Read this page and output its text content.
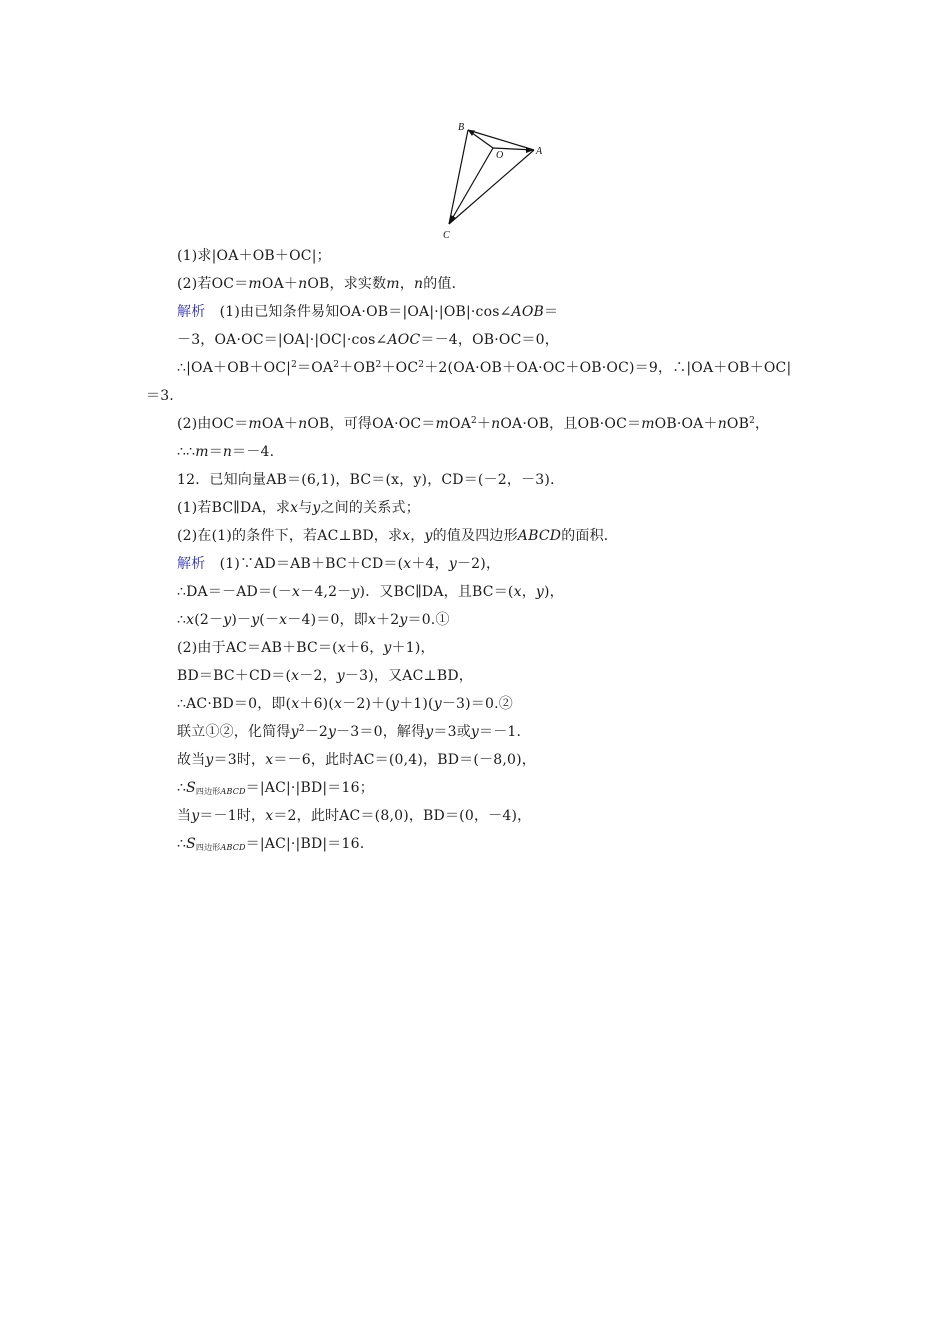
B
O	A
C
(1)求|OA＋OB＋OC|；
(2)若OC＝mOA＋nOB，求实数m，n的值．
解析　(1)由已知条件易知OA·OB＝|OA|·|OB|·cos∠AOB＝
－3，OA·OC＝|OA|·|OC|·cos∠AOC＝－4，OB·OC＝0，
$\therefore|OA+OB+OC|^2=OA^2+OB^2+OC^2+2(OA\cdot OB+OA\cdot OC+OB\cdot OC)=9$，∴|OA＋OB＋OC|
＝3.
(2)由OC＝mOA＋nOB，可得OA·OC＝mOA$^2$＋nOA·OB，且OB·OC＝mOB·OA＋nOB$^2$，
∴∴m＝n＝－4.
12．已知向量AB＝(6,1)，BC＝(x，y)，CD＝(－2，－3)．
(1)若BC∥DA，求x与y之间的关系式；
(2)在(1)的条件下，若AC⊥BD，求x，y的值及四边形ABCD的面积．
解析　(1)∵AD＝AB＋BC＋CD＝(x＋4，y－2)，
∴DA＝－AD＝(－x－4,2－y)．又BC∥DA，且BC＝(x，y)，
∴x(2－y)－y(－x－4)＝0，即x＋2y＝0.①
(2)由于AC＝AB＋BC＝(x＋6，y＋1)，
BD＝BC＋CD＝(x－2，y－3)，又AC⊥BD，
∴AC·BD＝0，即(x＋6)(x－2)＋(y＋1)(y－3)＝0.②
联立①②，化简得$y^2-2y-3=0$，解得y＝3或y＝－1.
故当y＝3时，x＝－6，此时AC＝(0,4)，BD＝(－8,0)，
$\therefore S_{四边形ABCD}=|AC|\cdot|BD|=16$；
当y＝－1时，x＝2，此时AC＝(8,0)，BD＝(0，－4)，
$\therefore S_{四边形ABCD}=|AC|\cdot|BD|=16$.
